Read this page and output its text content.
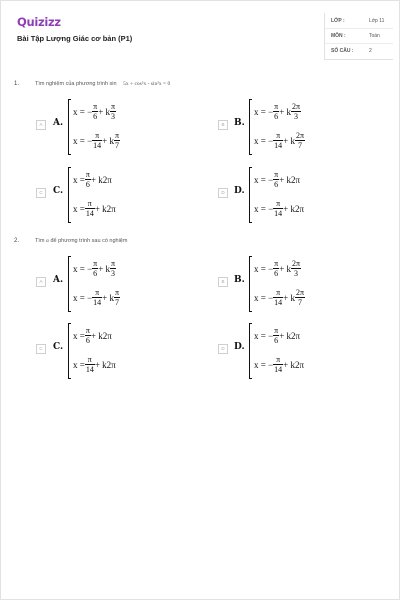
Quizizz
Bài Tập Lượng Giác cơ bản (P1)
LỚP :	Lớp 11
MÔN :	Toán
SỐ CÂU :	2
1.	Tìm nghiệm của phương trình sin 5x + cos²x - sin²x = 0
2.	Tìm α để phương trình sau có nghiệm
A	A.
x = − $\frac{\pi}{6} + k \frac{\pi}{3}$
x = − $\frac{\pi}{14} + k \frac{\pi}{7}$
B	B.
x = − $\frac{\pi}{6} + k \frac{2\pi}{3}$
x = − $\frac{\pi}{14} + k \frac{2\pi}{7}$
C	C.
$x = \frac{\pi}{6} + k2\pi$
$x = \frac{\pi}{14} + k2\pi$
D	D.
x = − $\frac{\pi}{6} + k2\pi$
x = − $\frac{\pi}{14} + k2\pi$
A	A.
x = − $\frac{\pi}{6} + k \frac{\pi}{3}$
x = − $\frac{\pi}{14} + k \frac{\pi}{7}$
B	B.
x = − $\frac{\pi}{6} + k \frac{2\pi}{3}$
x = − $\frac{\pi}{14} + k \frac{2\pi}{7}$
C	C.
$x = \frac{\pi}{6} + k2\pi$
$x = \frac{\pi}{14} + k2\pi$
D	D.
x = − $\frac{\pi}{6} + k2\pi$
x = − $\frac{\pi}{14} + k2\pi$
